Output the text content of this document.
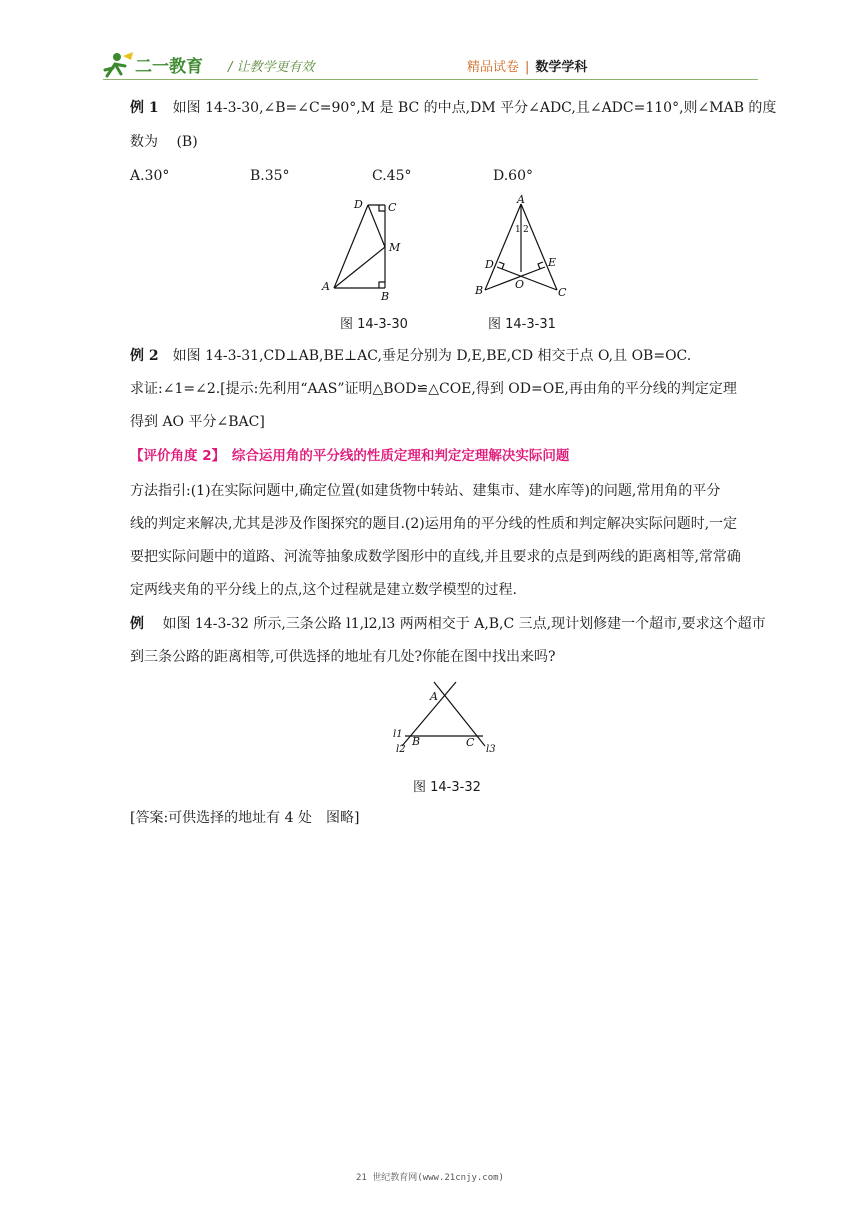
二一教育 / 让教学更有效	精品试卷 | 数学学科
例 1　 如图 14-3-30,∠B=∠C=90°,M 是 BC 的中点,DM 平分∠ADC,且∠ADC=110°,则∠MAB 的度
数为　 (B)
A.30°	B.35°	C.45°	D.60°
D C
M
A
B
图 14-3-30
A
1 2
D	E
O
B	C
图 14-3-31
例 2　 如图 14-3-31,CD⊥AB,BE⊥AC,垂足分别为 D,E,BE,CD 相交于点 O,且 OB=OC.
求证:∠1=∠2.[提示:先利用“AAS”证明△BOD≌△COE,得到 OD=OE,再由角的平分线的判定定理
得到 AO 平分∠BAC]
【评价角度 2】　综合运用角的平分线的性质定理和判定定理解决实际问题
方法指引:(1)在实际问题中,确定位置(如建货物中转站、建集市、建水库等)的问题,常用角的平分
线的判定来解决,尤其是涉及作图探究的题目.(2)运用角的平分线的性质和判定解决实际问题时,一定
要把实际问题中的道路、河流等抽象成数学图形中的直线,并且要求的点是到两线的距离相等,常常确
定两线夹角的平分线上的点,这个过程就是建立数学模型的过程.
例　 如图 14-3-32 所示,三条公路 l1,l2,l3 两两相交于 A,B,C 三点,现计划修建一个超市,要求这个超市
到三条公路的距离相等,可供选择的地址有几处?你能在图中找出来吗?
A
B	C
l1
l2	l3
图 14-3-32
[答案:可供选择的地址有 4 处　图略]
21 世纪教育网(www.21cnjy.com)
